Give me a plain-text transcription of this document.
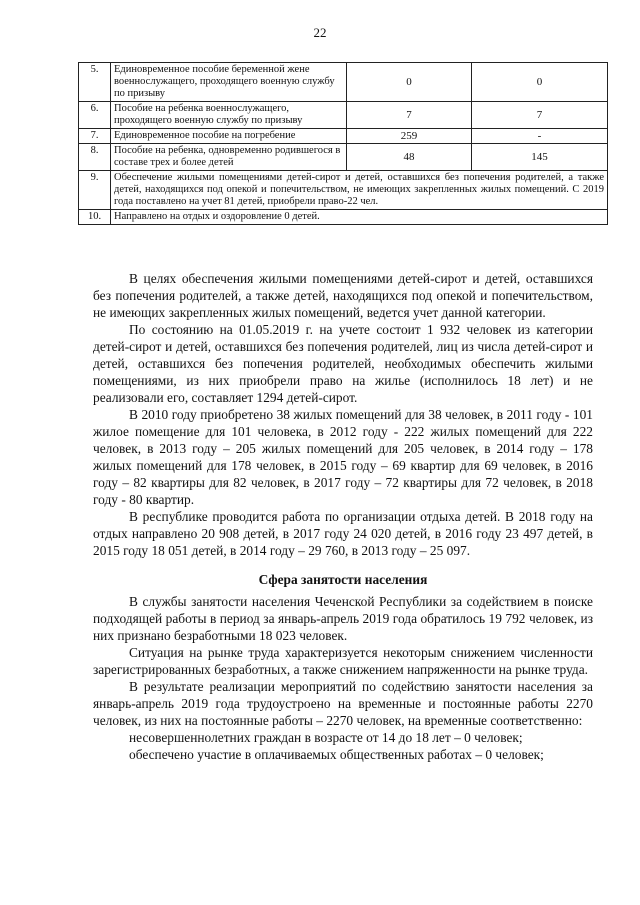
22
5.	Единовременное пособие беременной жене военнослужащего, проходящего военную службу по призыву	0	0
6.	Пособие на ребенка военнослужащего, проходящего военную службу по призыву	7	7
7.	Единовременное пособие на погребение	259	-
8.	Пособие на ребенка, одновременно родившегося в составе трех и более детей	48	145
9.	Обеспечение жилыми помещениями детей-сирот и детей, оставшихся без попечения родителей, а также детей, находящихся под опекой и попечительством, не имеющих закрепленных жилых помещений. С 2019 года поставлено на учет 81 детей, приобрели право-22 чел.		
10.	Направлено на отдых и оздоровление 0 детей.		

В целях обеспечения жилыми помещениями детей-сирот и детей, оставшихся без попечения родителей, а также детей, находящихся под опекой и попечительством, не имеющих закрепленных жилых помещений, ведется учет данной категории.

По состоянию на 01.05.2019 г. на учете состоит 1 932 человек из категории детей-сирот и детей, оставшихся без попечения родителей, лиц из числа детей-сирот и детей, оставшихся без попечения родителей, необходимых обеспечить жилыми помещениями, из них приобрели право на жилье (исполнилось 18 лет) и не реализовали его, составляет 1294 детей-сирот.

В 2010 году приобретено 38 жилых помещений для 38 человек, в 2011 году - 101 жилое помещение для 101 человека, в 2012 году - 222 жилых помещений для 222 человек, в 2013 году – 205 жилых помещений для 205 человек, в 2014 году – 178 жилых помещений для 178 человек, в 2015 году – 69 квартир для 69 человек, в 2016 году – 82 квартиры для 82 человек, в 2017 году – 72 квартиры для 72 человек, в 2018 году - 80 квартир.

В республике проводится работа по организации отдыха детей. В 2018 году на отдых направлено 20 908 детей, в 2017 году 24 020 детей, в 2016 году 23 497 детей, в 2015 году 18 051 детей, в 2014 году – 29 760, в 2013 году – 25 097.

Сфера занятости населения

В службы занятости населения Чеченской Республики за содействием в поиске подходящей работы в период за январь-апрель 2019 года обратилось 19 792 человек, из них признано безработными 18 023 человек.

Ситуация на рынке труда характеризуется некоторым снижением численности зарегистрированных безработных, а также снижением напряженности на рынке труда.

В результате реализации мероприятий по содействию занятости населения за январь-апрель 2019 года трудоустроено на временные и постоянные работы 2270 человек, из них на постоянные работы – 2270 человек, на временные соответственно:

несовершеннолетних граждан в возрасте от 14 до 18 лет – 0 человек;

обеспечено участие в оплачиваемых общественных работах – 0 человек;
